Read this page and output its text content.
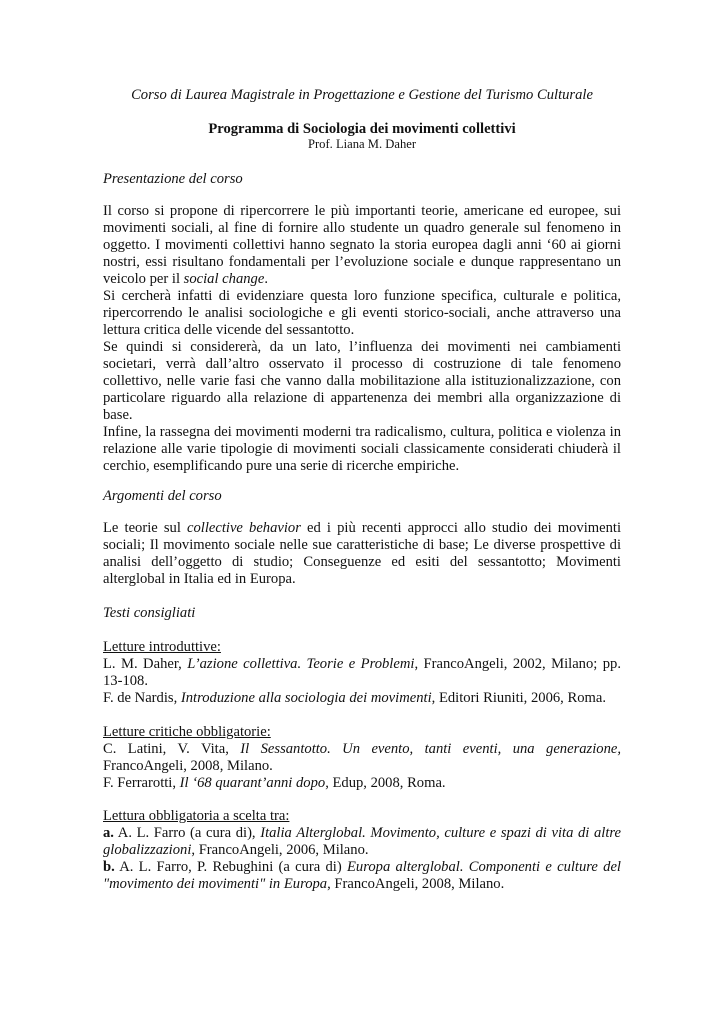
Corso di Laurea Magistrale in Progettazione e Gestione del Turismo Culturale
Programma di Sociologia dei movimenti collettivi
Prof. Liana M. Daher
Presentazione del corso

Il corso si propone di ripercorrere le più importanti teorie, americane ed europee, sui movimenti sociali, al fine di fornire allo studente un quadro generale sul fenomeno in oggetto. I movimenti collettivi hanno segnato la storia europea dagli anni ‘60 ai giorni nostri, essi risultano fondamentali per l’evoluzione sociale e dunque rappresentano un veicolo per il social change.

Si cercherà infatti di evidenziare questa loro funzione specifica, culturale e politica, ripercorrendo le analisi sociologiche e gli eventi storico-sociali, anche attraverso una lettura critica delle vicende del sessantotto.

Se quindi si considererà, da un lato, l’influenza dei movimenti nei cambiamenti societari, verrà dall’altro osservato il processo di costruzione di tale fenomeno collettivo, nelle varie fasi che vanno dalla mobilitazione alla istituzionalizzazione, con particolare riguardo alla relazione di appartenenza dei membri alla organizzazione di base.

Infine, la rassegna dei movimenti moderni tra radicalismo, cultura, politica e violenza in relazione alle varie tipologie di movimenti sociali classicamente considerati chiuderà il cerchio, esemplificando pure una serie di ricerche empiriche.

Argomenti del corso

Le teorie sul collective behavior ed i più recenti approcci allo studio dei movimenti sociali; Il movimento sociale nelle sue caratteristiche di base; Le diverse prospettive di analisi dell’oggetto di studio; Conseguenze ed esiti del sessantotto; Movimenti alterglobal in Italia ed in Europa.

Testi consigliati

Letture introduttive:

L. M. Daher, L’azione collettiva. Teorie e Problemi, FrancoAngeli, 2002, Milano; pp. 13-108.

F. de Nardis, Introduzione alla sociologia dei movimenti, Editori Riuniti, 2006, Roma.

Letture critiche obbligatorie:

C. Latini, V. Vita, Il Sessantotto. Un evento, tanti eventi, una generazione, FrancoAngeli, 2008, Milano.

F. Ferrarotti, Il ‘68 quarant’anni dopo, Edup, 2008, Roma.

Lettura obbligatoria a scelta tra:

a. A. L. Farro (a cura di), Italia Alterglobal. Movimento, culture e spazi di vita di altre globalizzazioni, FrancoAngeli, 2006, Milano.

b. A. L. Farro, P. Rebughini (a cura di) Europa alterglobal. Componenti e culture del "movimento dei movimenti" in Europa, FrancoAngeli, 2008, Milano.
